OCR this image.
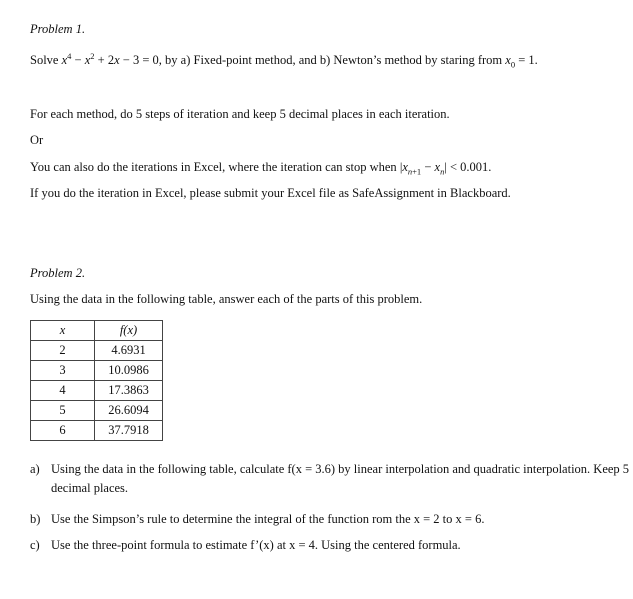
Problem 1.
Solve $x^4 - x^2 + 2x - 3 = 0$, by a) Fixed-point method, and b) Newton’s method by staring from $x_0 = 1$.
For each method, do 5 steps of iteration and keep 5 decimal places in each iteration.
Or
You can also do the iterations in Excel, where the iteration can stop when $|x_{n+1} - x_n| < 0.001$.
If you do the iteration in Excel, please submit your Excel file as SafeAssignment in Blackboard.
Problem 2.
Using the data in the following table, answer each of the parts of this problem.
x	f(x)
2	4.6931
3	10.0986
4	17.3863
5	26.6094
6	37.7918
a) Using the data in the following table, calculate f(x = 3.6) by linear interpolation and quadratic interpolation. Keep 5 decimal places.
b) Use the Simpson’s rule to determine the integral of the function rom the x = 2 to x = 6.
c) Use the three-point formula to estimate f’(x) at x = 4. Using the centered formula.
